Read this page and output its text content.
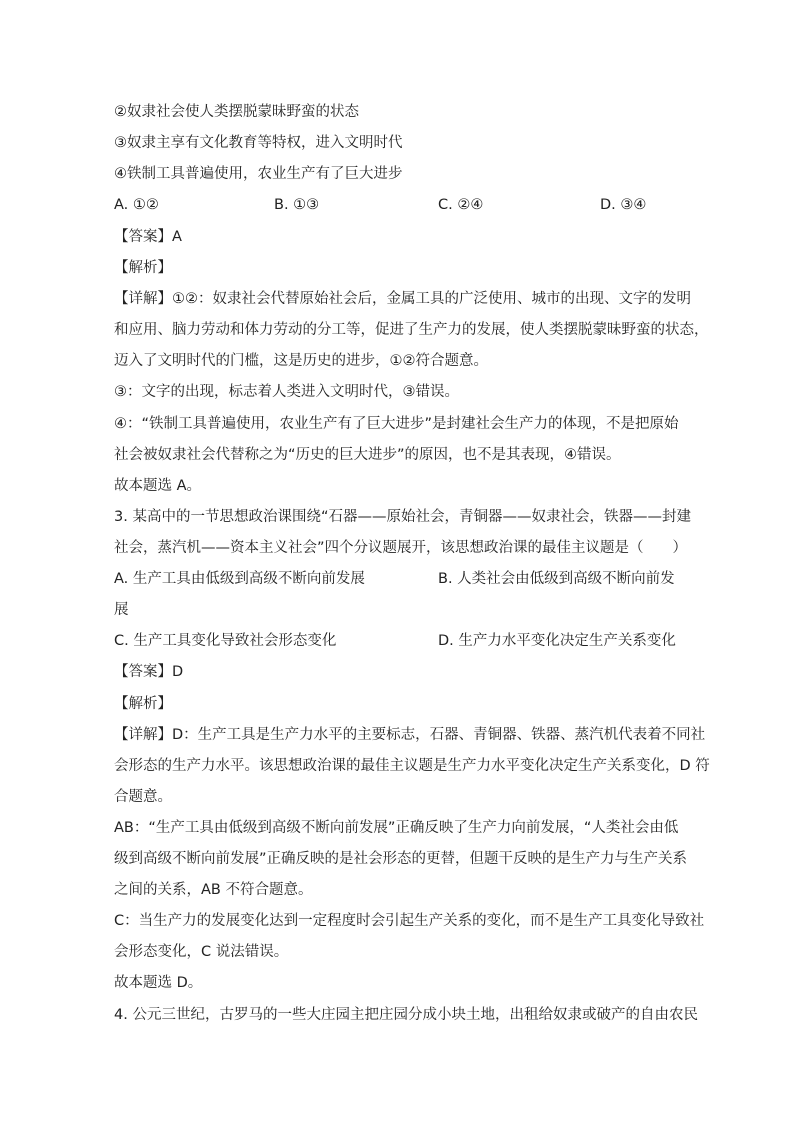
②奴隶社会使人类摆脱蒙昧野蛮的状态
③奴隶主享有文化教育等特权，进入文明时代
④铁制工具普遍使用，农业生产有了巨大进步
A. ①②	B. ①③	C. ②④	D. ③④
【答案】A
【解析】
【详解】①②：奴隶社会代替原始社会后，金属工具的广泛使用、城市的出现、文字的发明
和应用、脑力劳动和体力劳动的分工等，促进了生产力的发展，使人类摆脱蒙昧野蛮的状态，
迈入了文明时代的门槛，这是历史的进步，①②符合题意。
③：文字的出现，标志着人类进入文明时代，③错误。
④：“铁制工具普遍使用，农业生产有了巨大进步”是封建社会生产力的体现，不是把原始
社会被奴隶社会代替称之为“历史的巨大进步”的原因，也不是其表现，④错误。
故本题选 A。
3. 某高中的一节思想政治课围绕“石器——原始社会，青铜器——奴隶社会，铁器——封建
社会，蒸汽机——资本主义社会”四个分议题展开，该思想政治课的最佳主议题是（　　）
A. 生产工具由低级到高级不断向前发展	B. 人类社会由低级到高级不断向前发
展
C. 生产工具变化导致社会形态变化	D. 生产力水平变化决定生产关系变化
【答案】D
【解析】
【详解】D：生产工具是生产力水平的主要标志，石器、青铜器、铁器、蒸汽机代表着不同社
会形态的生产力水平。该思想政治课的最佳主议题是生产力水平变化决定生产关系变化，D 符
合题意。
AB：“生产工具由低级到高级不断向前发展”正确反映了生产力向前发展，“人类社会由低
级到高级不断向前发展”正确反映的是社会形态的更替，但题干反映的是生产力与生产关系
之间的关系，AB 不符合题意。
C：当生产力的发展变化达到一定程度时会引起生产关系的变化，而不是生产工具变化导致社
会形态变化，C 说法错误。
故本题选 D。
4. 公元三世纪，古罗马的一些大庄园主把庄园分成小块土地，出租给奴隶或破产的自由农民
